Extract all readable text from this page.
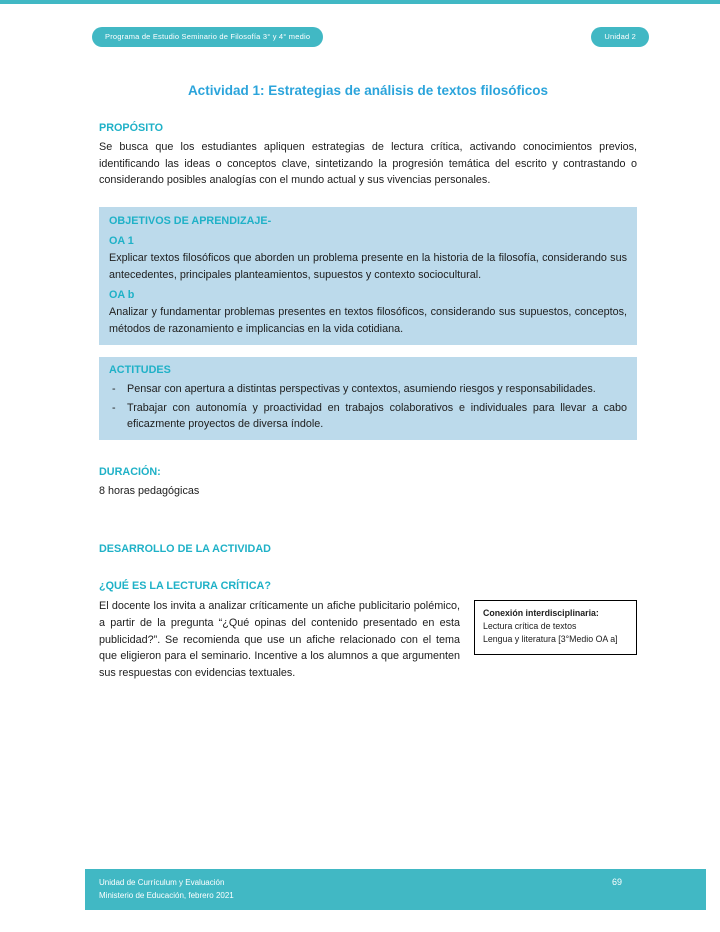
Programa de Estudio Seminario de Filosofía 3° y 4° medio	Unidad 2
Actividad 1: Estrategias de análisis de textos filosóficos
PROPÓSITO

Se busca que los estudiantes apliquen estrategias de lectura crítica, activando conocimientos previos, identificando las ideas o conceptos clave, sintetizando la progresión temática del escrito y contrastando o considerando posibles analogías con el mundo actual y sus vivencias personales.

OBJETIVOS DE APRENDIZAJE-
OA 1

Explicar textos filosóficos que aborden un problema presente en la historia de la filosofía, considerando sus antecedentes, principales planteamientos, supuestos y contexto sociocultural.

OA b

Analizar y fundamentar problemas presentes en textos filosóficos, considerando sus supuestos, conceptos, métodos de razonamiento e implicancias en la vida cotidiana.

ACTITUDES
-	Pensar con apertura a distintas perspectivas y contextos, asumiendo riesgos y responsabilidades.
-	Trabajar con autonomía y proactividad en trabajos colaborativos e individuales para llevar a cabo eficazmente proyectos de diversa índole.
DURACIÓN:

8 horas pedagógicas

DESARROLLO DE LA ACTIVIDAD
¿QUÉ ES LA LECTURA CRÍTICA?
Conexión interdisciplinaria:
Lectura crítica de textos
Lengua y literatura [3°Medio OA a]
El docente los invita a analizar críticamente un afiche publicitario polémico, a partir de la pregunta “¿Qué opinas del contenido presentado en esta publicidad?”. Se recomienda que use un afiche relacionado con el tema que eligieron para el seminario. Incentive a los alumnos a que argumenten sus respuestas con evidencias textuales.
Unidad de Currículum y Evaluación
Ministerio de Educación, febrero 2021
69
